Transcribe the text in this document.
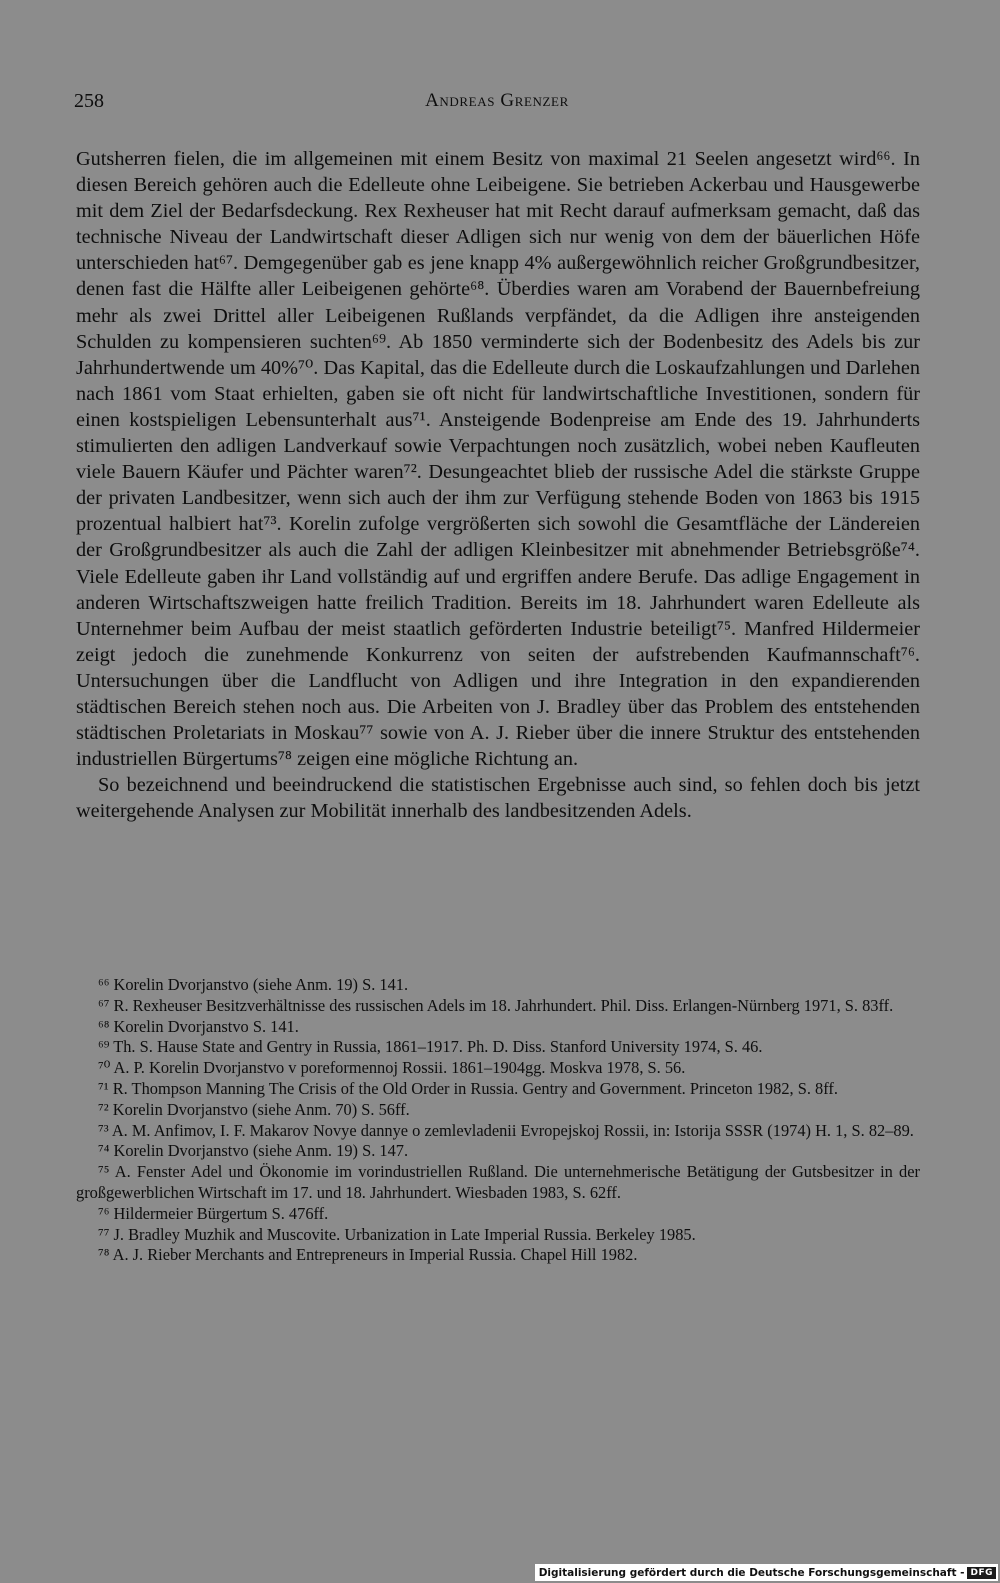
258	Andreas Grenzer

Gutsherren fielen, die im allgemeinen mit einem Besitz von maximal 21 Seelen angesetzt wird⁶⁶. In diesen Bereich gehören auch die Edelleute ohne Leibeigene. Sie betrieben Ackerbau und Hausgewerbe mit dem Ziel der Bedarfsdeckung. Rex Rexheuser hat mit Recht darauf aufmerksam gemacht, daß das technische Niveau der Landwirtschaft dieser Adligen sich nur wenig von dem der bäuerlichen Höfe unterschieden hat⁶⁷. Demgegenüber gab es jene knapp 4% außergewöhnlich reicher Großgrundbesitzer, denen fast die Hälfte aller Leibeigenen gehörte⁶⁸. Überdies waren am Vorabend der Bauernbefreiung mehr als zwei Drittel aller Leibeigenen Rußlands verpfändet, da die Adligen ihre ansteigenden Schulden zu kompensieren suchten⁶⁹. Ab 1850 verminderte sich der Bodenbesitz des Adels bis zur Jahrhundertwende um 40%⁷⁰. Das Kapital, das die Edelleute durch die Loskaufzahlungen und Darlehen nach 1861 vom Staat erhielten, gaben sie oft nicht für landwirtschaftliche Investitionen, sondern für einen kostspieligen Lebensunterhalt aus⁷¹. Ansteigende Bodenpreise am Ende des 19. Jahrhunderts stimulierten den adligen Landverkauf sowie Verpachtungen noch zusätzlich, wobei neben Kaufleuten viele Bauern Käufer und Pächter waren⁷². Desungeachtet blieb der russische Adel die stärkste Gruppe der privaten Landbesitzer, wenn sich auch der ihm zur Verfügung stehende Boden von 1863 bis 1915 prozentual halbiert hat⁷³. Korelin zufolge vergrößerten sich sowohl die Gesamtfläche der Ländereien der Großgrundbesitzer als auch die Zahl der adligen Kleinbesitzer mit abnehmender Betriebsgröße⁷⁴. Viele Edelleute gaben ihr Land vollständig auf und ergriffen andere Berufe. Das adlige Engagement in anderen Wirtschaftszweigen hatte freilich Tradition. Bereits im 18. Jahrhundert waren Edelleute als Unternehmer beim Aufbau der meist staatlich geförderten Industrie beteiligt⁷⁵. Manfred Hildermeier zeigt jedoch die zunehmende Konkurrenz von seiten der aufstrebenden Kaufmannschaft⁷⁶. Untersuchungen über die Landflucht von Adligen und ihre Integration in den expandierenden städtischen Bereich stehen noch aus. Die Arbeiten von J. Bradley über das Problem des entstehenden städtischen Proletariats in Moskau⁷⁷ sowie von A. J. Rieber über die innere Struktur des entstehenden industriellen Bürgertums⁷⁸ zeigen eine mögliche Richtung an.

So bezeichnend und beeindruckend die statistischen Ergebnisse auch sind, so fehlen doch bis jetzt weitergehende Analysen zur Mobilität innerhalb des landbesitzenden Adels.

⁶⁶ Korelin Dvorjanstvo (siehe Anm. 19) S. 141.

⁶⁷ R. Rexheuser Besitzverhältnisse des russischen Adels im 18. Jahrhundert. Phil. Diss. Erlangen-Nürnberg 1971, S. 83ff.

⁶⁸ Korelin Dvorjanstvo S. 141.

⁶⁹ Th. S. Hause State and Gentry in Russia, 1861–1917. Ph. D. Diss. Stanford University 1974, S. 46.

⁷⁰ A. P. Korelin Dvorjanstvo v poreformennoj Rossii. 1861–1904gg. Moskva 1978, S. 56.

⁷¹ R. Thompson Manning The Crisis of the Old Order in Russia. Gentry and Government. Princeton 1982, S. 8ff.

⁷² Korelin Dvorjanstvo (siehe Anm. 70) S. 56ff.

⁷³ A. M. Anfimov, I. F. Makarov Novye dannye o zemlevladenii Evropejskoj Rossii, in: Istorija SSSR (1974) H. 1, S. 82–89.

⁷⁴ Korelin Dvorjanstvo (siehe Anm. 19) S. 147.

⁷⁵ A. Fenster Adel und Ökonomie im vorindustriellen Rußland. Die unternehmerische Betätigung der Gutsbesitzer in der großgewerblichen Wirtschaft im 17. und 18. Jahrhundert. Wiesbaden 1983, S. 62ff.

⁷⁶ Hildermeier Bürgertum S. 476ff.

⁷⁷ J. Bradley Muzhik and Muscovite. Urbanization in Late Imperial Russia. Berkeley 1985.

⁷⁸ A. J. Rieber Merchants and Entrepreneurs in Imperial Russia. Chapel Hill 1982.

Digitalisierung gefördert durch die Deutsche Forschungsgemeinschaft - DFG
